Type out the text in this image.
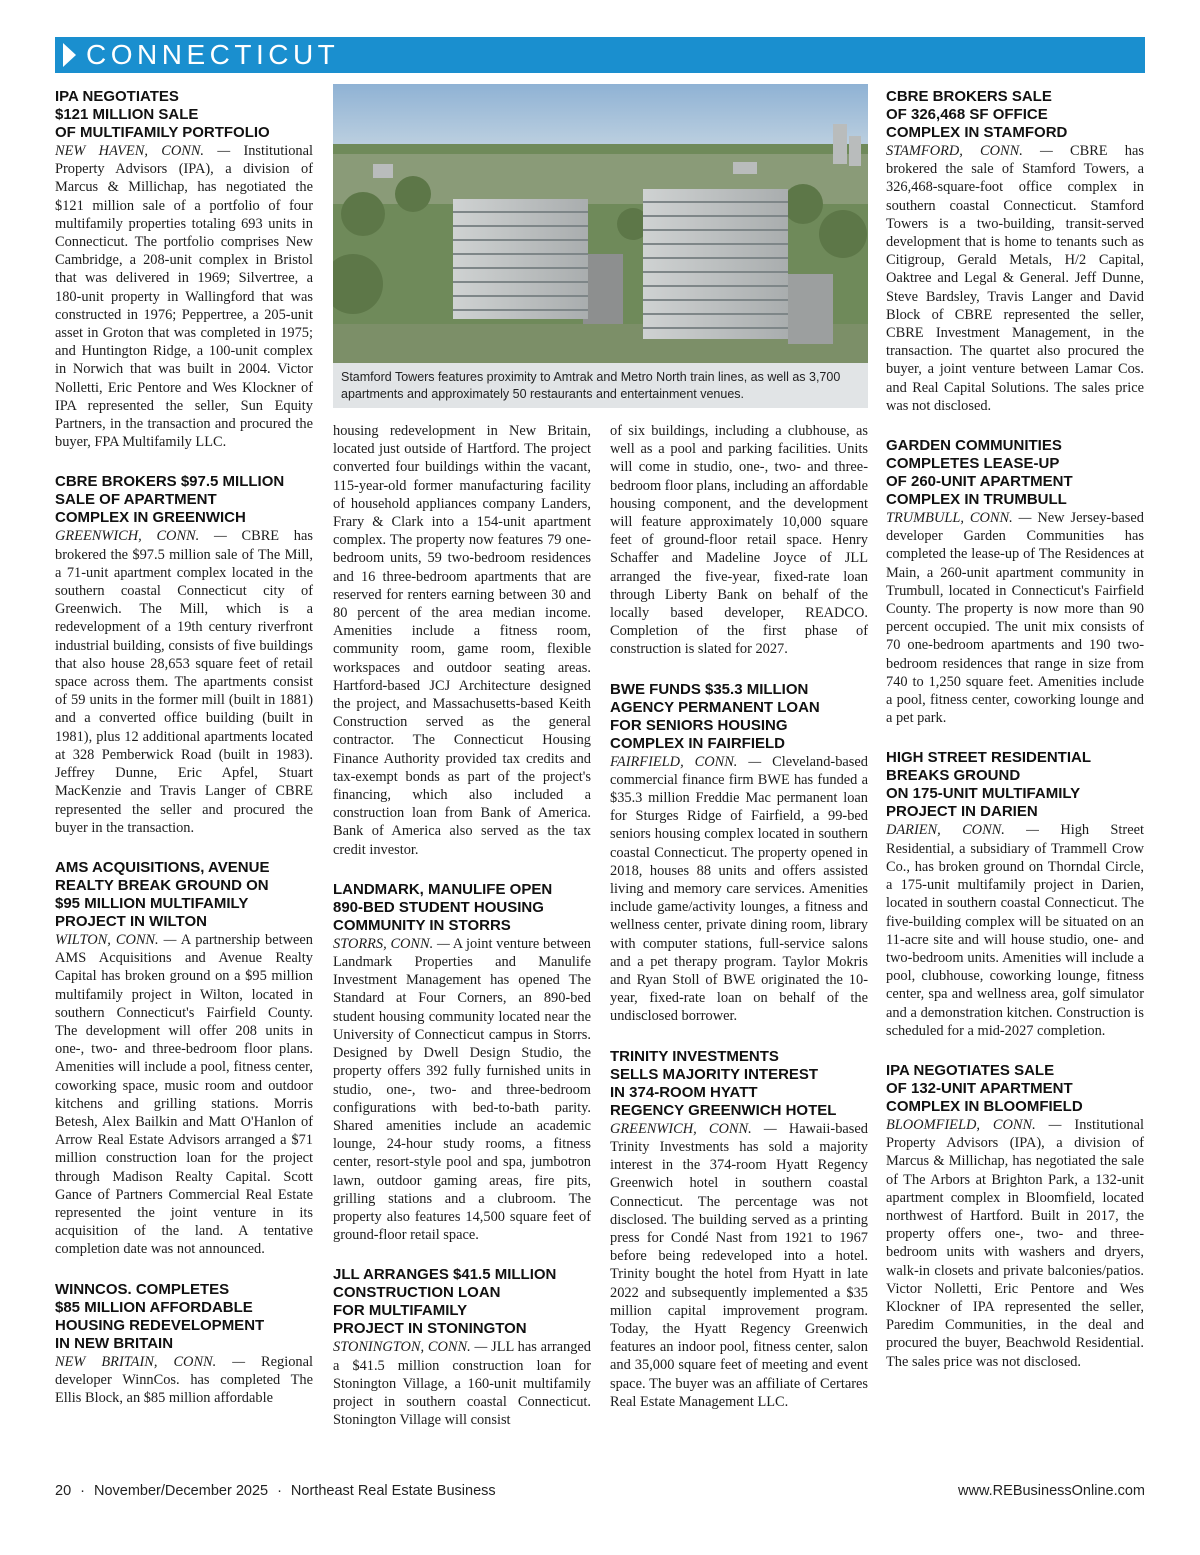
CONNECTICUT
Stamford Towers features proximity to Amtrak and Metro North train lines, as well as 3,700 apartments and approximately 50 restaurants and entertainment venues.
IPA NEGOTIATES
$121 MILLION SALE
OF MULTIFAMILY PORTFOLIO

NEW HAVEN, CONN. — Institutional Property Advisors (IPA), a division of Marcus & Millichap, has negotiated the $121 million sale of a portfolio of four multifamily properties totaling 693 units in Connecticut. The portfolio comprises New Cambridge, a 208-unit complex in Bristol that was delivered in 1969; Silvertree, a 180-unit property in Wallingford that was constructed in 1976; Peppertree, a 205-unit asset in Groton that was completed in 1975; and Huntington Ridge, a 100-unit complex in Norwich that was built in 2004. Victor Nolletti, Eric Pentore and Wes Klockner of IPA represented the seller, Sun Equity Partners, in the transaction and procured the buyer, FPA Multifamily LLC.

CBRE BROKERS $97.5 MILLION
SALE OF APARTMENT
COMPLEX IN GREENWICH

GREENWICH, CONN. — CBRE has brokered the $97.5 million sale of The Mill, a 71-unit apartment complex located in the southern coastal Connecticut city of Greenwich. The Mill, which is a redevelopment of a 19th century riverfront industrial building, consists of five buildings that also house 28,653 square feet of retail space across them. The apartments consist of 59 units in the former mill (built in 1881) and a converted office building (built in 1981), plus 12 additional apartments located at 328 Pemberwick Road (built in 1983). Jeffrey Dunne, Eric Apfel, Stuart MacKenzie and Travis Langer of CBRE represented the seller and procured the buyer in the transaction.

AMS ACQUISITIONS, AVENUE
REALTY BREAK GROUND ON
$95 MILLION MULTIFAMILY
PROJECT IN WILTON

WILTON, CONN. — A partnership between AMS Acquisitions and Avenue Realty Capital has broken ground on a $95 million multifamily project in Wilton, located in southern Connecticut's Fairfield County. The development will offer 208 units in one-, two- and three-bedroom floor plans. Amenities will include a pool, fitness center, coworking space, music room and outdoor kitchens and grilling stations. Morris Betesh, Alex Bailkin and Matt O'Hanlon of Arrow Real Estate Advisors arranged a $71 million construction loan for the project through Madison Realty Capital. Scott Gance of Partners Commercial Real Estate represented the joint venture in its acquisition of the land. A tentative completion date was not announced.

WINNCOS. COMPLETES
$85 MILLION AFFORDABLE
HOUSING REDEVELOPMENT
IN NEW BRITAIN

NEW BRITAIN, CONN. — Regional developer WinnCos. has completed The Ellis Block, an $85 million affordable

housing redevelopment in New Britain, located just outside of Hartford. The project converted four buildings within the vacant, 115-year-old former manufacturing facility of household appliances company Landers, Frary & Clark into a 154-unit apartment complex. The property now features 79 one-bedroom units, 59 two-bedroom residences and 16 three-bedroom apartments that are reserved for renters earning between 30 and 80 percent of the area median income. Amenities include a fitness room, community room, game room, flexible workspaces and outdoor seating areas. Hartford-based JCJ Architecture designed the project, and Massachusetts-based Keith Construction served as the general contractor. The Connecticut Housing Finance Authority provided tax credits and tax-exempt bonds as part of the project's financing, which also included a construction loan from Bank of America. Bank of America also served as the tax credit investor.

LANDMARK, MANULIFE OPEN
890-BED STUDENT HOUSING
COMMUNITY IN STORRS

STORRS, CONN. — A joint venture between Landmark Properties and Manulife Investment Management has opened The Standard at Four Corners, an 890-bed student housing community located near the University of Connecticut campus in Storrs. Designed by Dwell Design Studio, the property offers 392 fully furnished units in studio, one-, two- and three-bedroom configurations with bed-to-bath parity. Shared amenities include an academic lounge, 24-hour study rooms, a fitness center, resort-style pool and spa, jumbotron lawn, outdoor gaming areas, fire pits, grilling stations and a clubroom. The property also features 14,500 square feet of ground-floor retail space.

JLL ARRANGES $41.5 MILLION
CONSTRUCTION LOAN
FOR MULTIFAMILY
PROJECT IN STONINGTON

STONINGTON, CONN. — JLL has arranged a $41.5 million construction loan for Stonington Village, a 160-unit multifamily project in southern coastal Connecticut. Stonington Village will consist

of six buildings, including a clubhouse, as well as a pool and parking facilities. Units will come in studio, one-, two- and three-bedroom floor plans, including an affordable housing component, and the development will feature approximately 10,000 square feet of ground-floor retail space. Henry Schaffer and Madeline Joyce of JLL arranged the five-year, fixed-rate loan through Liberty Bank on behalf of the locally based developer, READCO. Completion of the first phase of construction is slated for 2027.

BWE FUNDS $35.3 MILLION
AGENCY PERMANENT LOAN
FOR SENIORS HOUSING
COMPLEX IN FAIRFIELD

FAIRFIELD, CONN. — Cleveland-based commercial finance firm BWE has funded a $35.3 million Freddie Mac permanent loan for Sturges Ridge of Fairfield, a 99-bed seniors housing complex located in southern coastal Connecticut. The property opened in 2018, houses 88 units and offers assisted living and memory care services. Amenities include game/activity lounges, a fitness and wellness center, private dining room, library with computer stations, full-service salons and a pet therapy program. Taylor Mokris and Ryan Stoll of BWE originated the 10-year, fixed-rate loan on behalf of the undisclosed borrower.

TRINITY INVESTMENTS
SELLS MAJORITY INTEREST
IN 374-ROOM HYATT
REGENCY GREENWICH HOTEL

GREENWICH, CONN. — Hawaii-based Trinity Investments has sold a majority interest in the 374-room Hyatt Regency Greenwich hotel in southern coastal Connecticut. The percentage was not disclosed. The building served as a printing press for Condé Nast from 1921 to 1967 before being redeveloped into a hotel. Trinity bought the hotel from Hyatt in late 2022 and subsequently implemented a $35 million capital improvement program. Today, the Hyatt Regency Greenwich features an indoor pool, fitness center, salon and 35,000 square feet of meeting and event space. The buyer was an affiliate of Certares Real Estate Management LLC.

CBRE BROKERS SALE
OF 326,468 SF OFFICE
COMPLEX IN STAMFORD

STAMFORD, CONN. — CBRE has brokered the sale of Stamford Towers, a 326,468-square-foot office complex in southern coastal Connecticut. Stamford Towers is a two-building, transit-served development that is home to tenants such as Citigroup, Gerald Metals, H/2 Capital, Oaktree and Legal & General. Jeff Dunne, Steve Bardsley, Travis Langer and David Block of CBRE represented the seller, CBRE Investment Management, in the transaction. The quartet also procured the buyer, a joint venture between Lamar Cos. and Real Capital Solutions. The sales price was not disclosed.

GARDEN COMMUNITIES
COMPLETES LEASE-UP
OF 260-UNIT APARTMENT
COMPLEX IN TRUMBULL

TRUMBULL, CONN. — New Jersey-based developer Garden Communities has completed the lease-up of The Residences at Main, a 260-unit apartment community in Trumbull, located in Connecticut's Fairfield County. The property is now more than 90 percent occupied. The unit mix consists of 70 one-bedroom apartments and 190 two-bedroom residences that range in size from 740 to 1,250 square feet. Amenities include a pool, fitness center, coworking lounge and a pet park.

HIGH STREET RESIDENTIAL
BREAKS GROUND
ON 175-UNIT MULTIFAMILY
PROJECT IN DARIEN

DARIEN, CONN. — High Street Residential, a subsidiary of Trammell Crow Co., has broken ground on Thorndal Circle, a 175-unit multifamily project in Darien, located in southern coastal Connecticut. The five-building complex will be situated on an 11-acre site and will house studio, one- and two-bedroom units. Amenities will include a pool, clubhouse, coworking lounge, fitness center, spa and wellness area, golf simulator and a demonstration kitchen. Construction is scheduled for a mid-2027 completion.

IPA NEGOTIATES SALE
OF 132-UNIT APARTMENT
COMPLEX IN BLOOMFIELD

BLOOMFIELD, CONN. — Institutional Property Advisors (IPA), a division of Marcus & Millichap, has negotiated the sale of The Arbors at Brighton Park, a 132-unit apartment complex in Bloomfield, located northwest of Hartford. Built in 2017, the property offers one-, two- and three-bedroom units with washers and dryers, walk-in closets and private balconies/patios. Victor Nolletti, Eric Pentore and Wes Klockner of IPA represented the seller, Paredim Communities, in the deal and procured the buyer, Beachwold Residential. The sales price was not disclosed.

20 · November/December 2025 · Northeast Real Estate Business	www.REBusinessOnline.com
